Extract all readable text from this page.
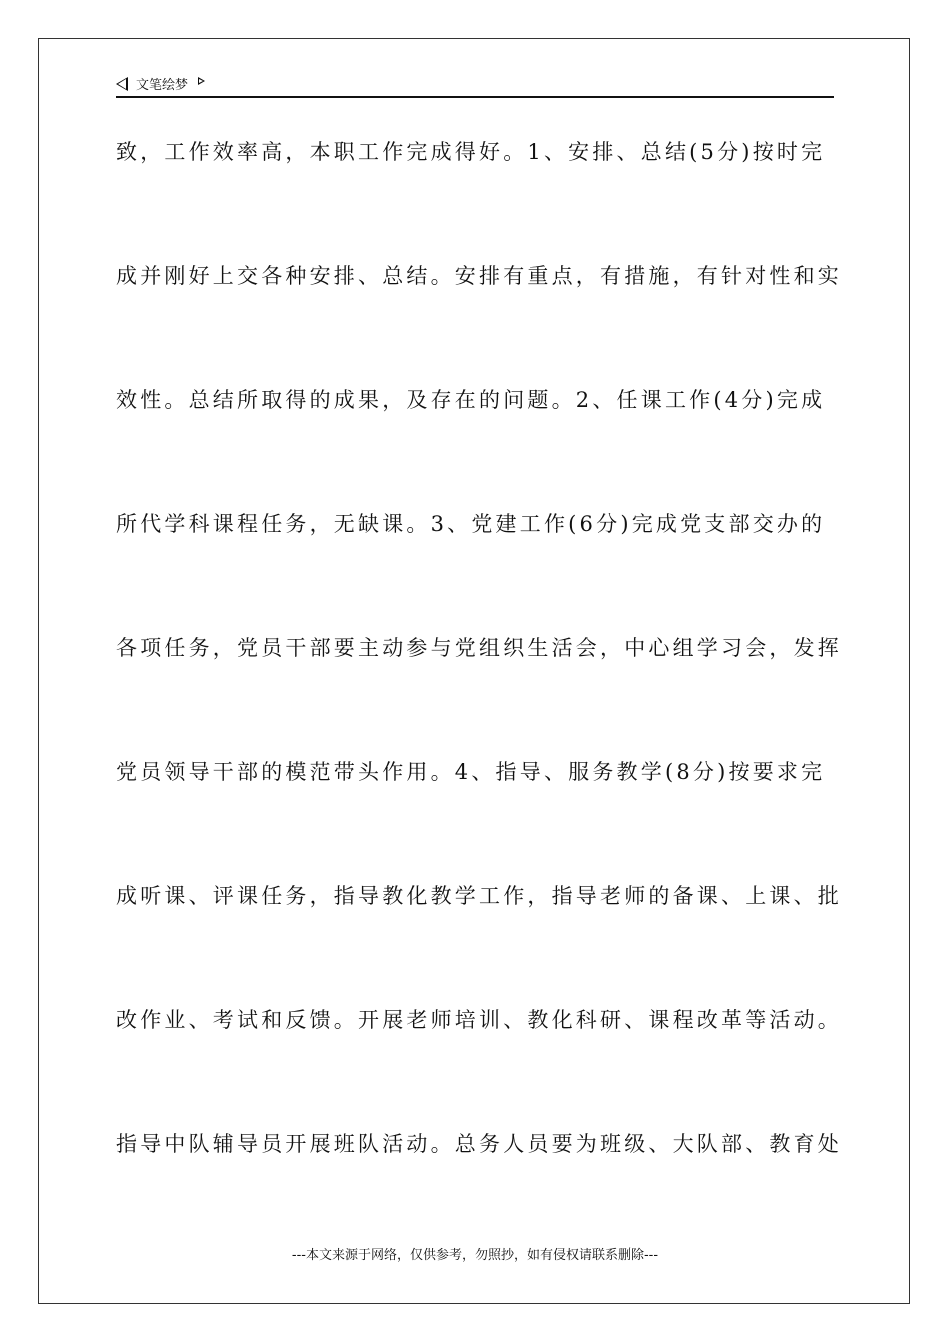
文笔绘梦
致，工作效率高，本职工作完成得好。1、安排、总结(5分)按时完
成并刚好上交各种安排、总结。安排有重点，有措施，有针对性和实
效性。总结所取得的成果，及存在的问题。2、任课工作(4分)完成
所代学科课程任务，无缺课。3、党建工作(6分)完成党支部交办的
各项任务，党员干部要主动参与党组织生活会，中心组学习会，发挥
党员领导干部的模范带头作用。4、指导、服务教学(8分)按要求完
成听课、评课任务，指导教化教学工作，指导老师的备课、上课、批
改作业、考试和反馈。开展老师培训、教化科研、课程改革等活动。
指导中队辅导员开展班队活动。总务人员要为班级、大队部、教育处
---本文来源于网络，仅供参考，勿照抄，如有侵权请联系删除---
